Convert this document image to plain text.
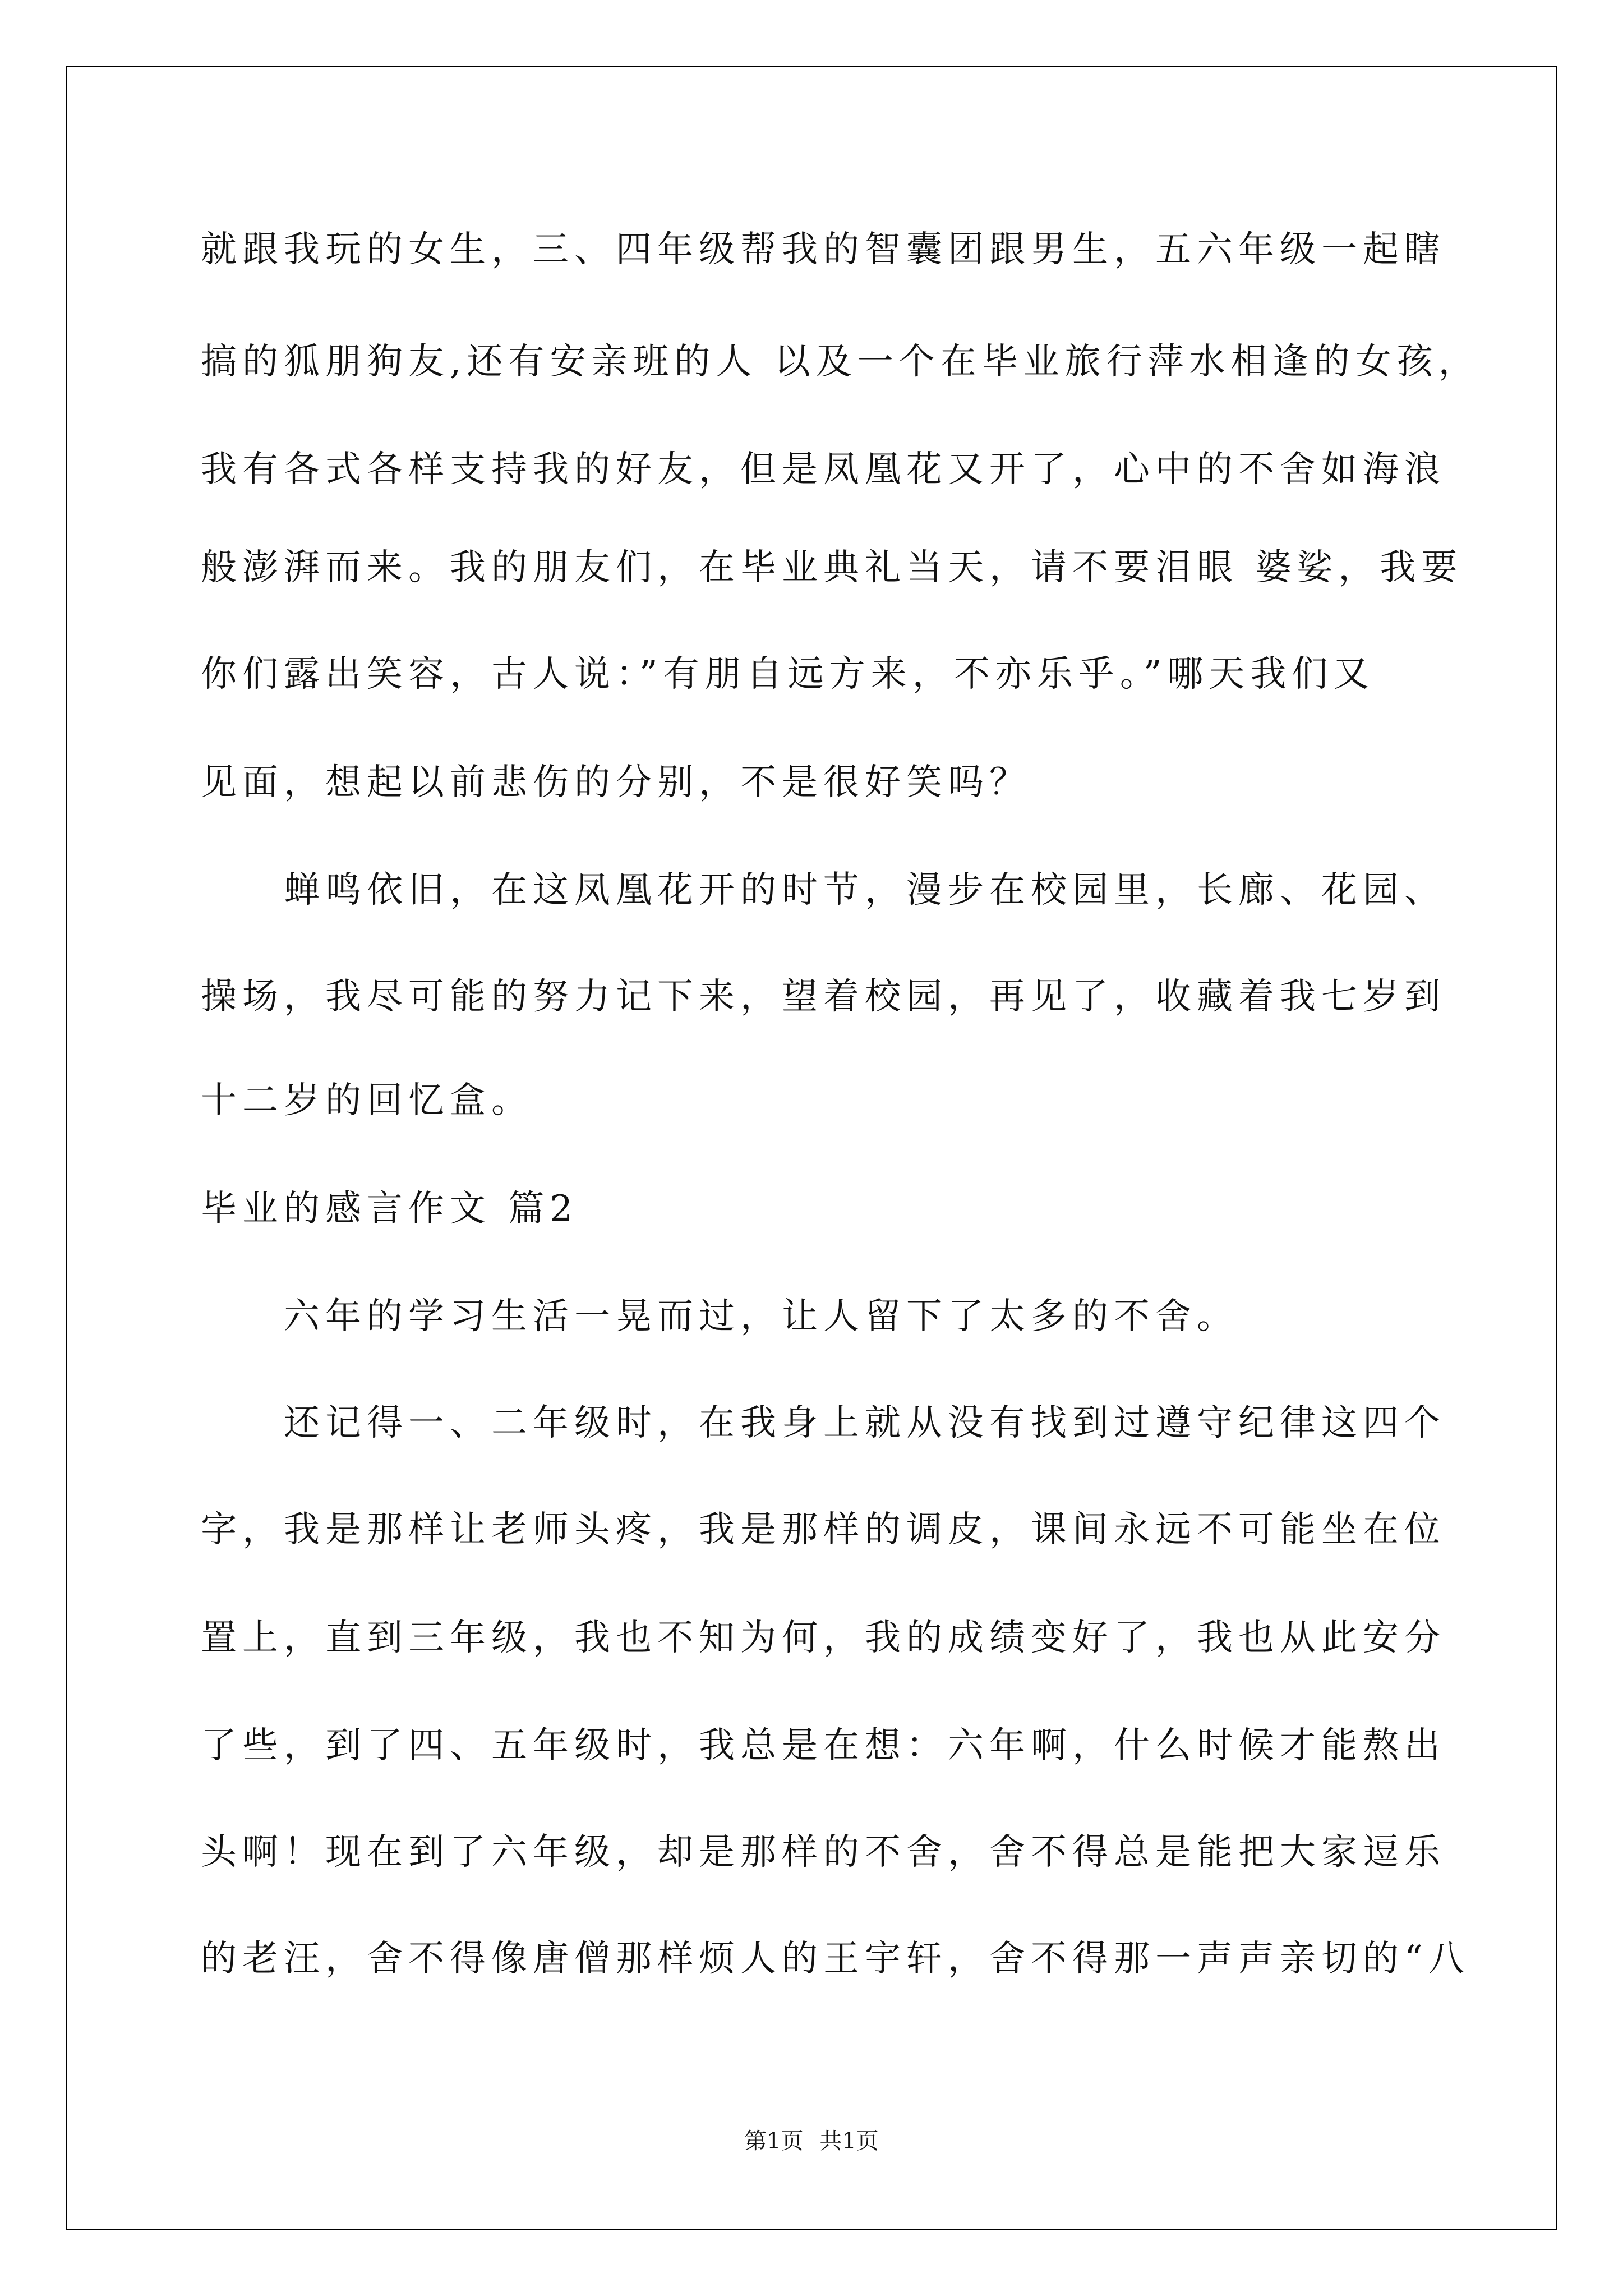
就跟我玩的女生，三、四年级帮我的智囊团跟男生，五六年级一起瞎
搞的狐朋狗友,还有安亲班的人 以及一个在毕业旅行萍水相逢的女孩，
我有各式各样支持我的好友，但是凤凰花又开了，心中的不舍如海浪
般澎湃而来。我的朋友们，在毕业典礼当天，请不要泪眼 婆娑，我要
你们露出笑容，古人说：”有朋自远方来，不亦乐乎。”哪天我们又
见面，想起以前悲伤的分别，不是很好笑吗？
　　蝉鸣依旧，在这凤凰花开的时节，漫步在校园里，长廊、花园、
操场，我尽可能的努力记下来，望着校园，再见了，收藏着我七岁到
十二岁的回忆盒。
毕业的感言作文 篇2
　　六年的学习生活一晃而过，让人留下了太多的不舍。
　　还记得一、二年级时，在我身上就从没有找到过遵守纪律这四个
字，我是那样让老师头疼，我是那样的调皮，课间永远不可能坐在位
置上，直到三年级，我也不知为何，我的成绩变好了，我也从此安分
了些，到了四、五年级时，我总是在想：六年啊，什么时候才能熬出
头啊！现在到了六年级，却是那样的不舍，舍不得总是能把大家逗乐
的老汪，舍不得像唐僧那样烦人的王宇轩，舍不得那一声声亲切的“八
第1页 共1页
